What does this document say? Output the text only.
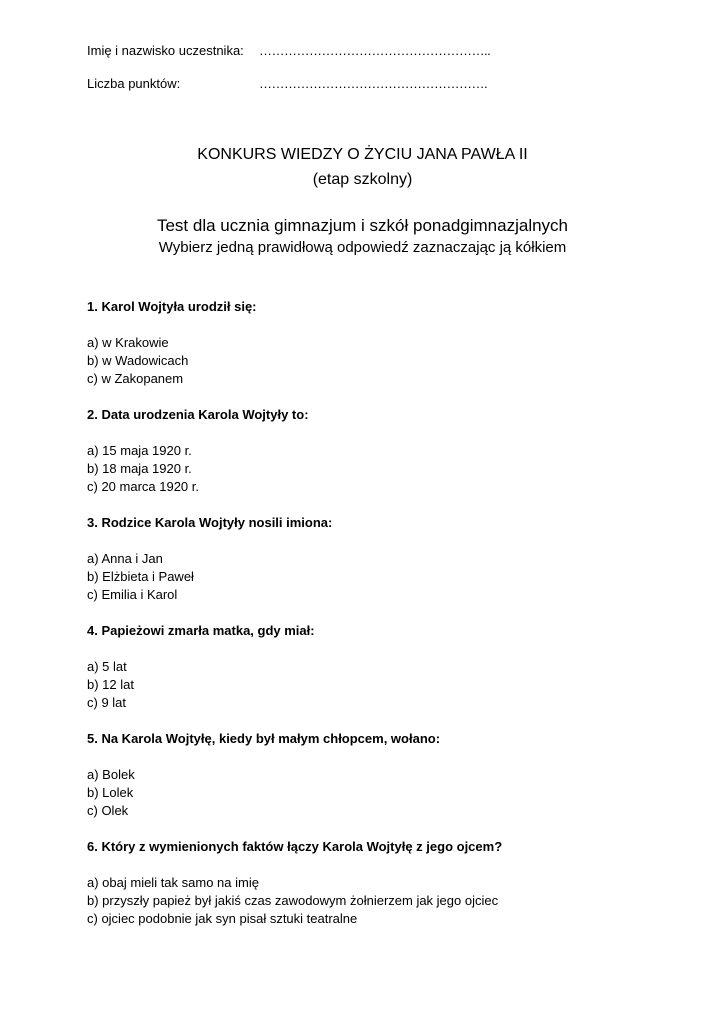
Imię i nazwisko uczestnika: ………………………………………………..
Liczba punktów:	……………………………………………….
KONKURS WIEDZY O ŻYCIU JANA PAWŁA II
(etap szkolny)
Test dla ucznia gimnazjum i szkół ponadgimnazjalnych
Wybierz jedną prawidłową odpowiedź zaznaczając ją kółkiem
1. Karol Wojtyła urodził się:
a) w Krakowie
b) w Wadowicach
c) w Zakopanem
2. Data urodzenia Karola Wojtyły to:
a) 15 maja 1920 r.
b) 18 maja 1920 r.
c) 20 marca 1920 r.
3. Rodzice Karola Wojtyły nosili imiona:
a) Anna i Jan
b) Elżbieta i Paweł
c) Emilia i Karol
4. Papieżowi zmarła matka, gdy miał:
a) 5 lat
b) 12 lat
c) 9 lat
5. Na Karola Wojtyłę, kiedy był małym chłopcem, wołano:
a) Bolek
b) Lolek
c) Olek
6. Który z wymienionych faktów łączy Karola Wojtyłę z jego ojcem?
a) obaj mieli tak samo na imię
b) przyszły papież był jakiś czas zawodowym żołnierzem jak jego ojciec
c) ojciec podobnie jak syn pisał sztuki teatralne
